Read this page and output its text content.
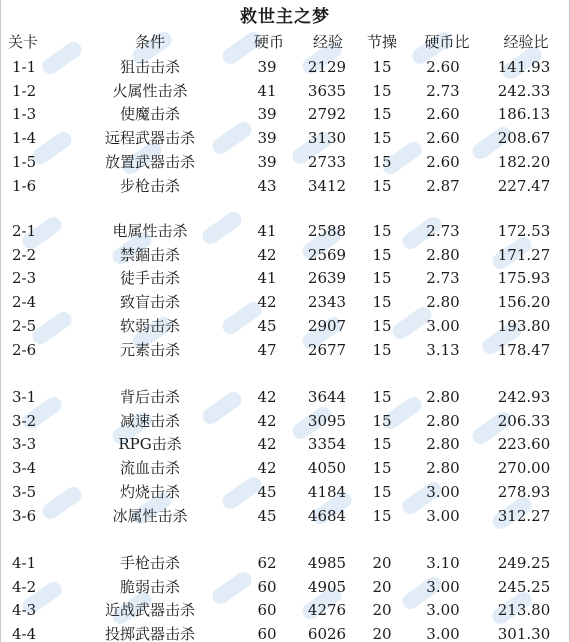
救世主之梦
关卡	条件	硬币	经验	节操	硬币比	经验比
1-1	狙击击杀	39	2129	15	2.60	141.93
1-2	火属性击杀	41	3635	15	2.73	242.33
1-3	使魔击杀	39	2792	15	2.60	186.13
1-4	远程武器击杀	39	3130	15	2.60	208.67
1-5	放置武器击杀	39	2733	15	2.60	182.20
1-6	步枪击杀	43	3412	15	2.87	227.47
2-1	电属性击杀	41	2588	15	2.73	172.53
2-2	禁錮击杀	42	2569	15	2.80	171.27
2-3	徒手击杀	41	2639	15	2.73	175.93
2-4	致盲击杀	42	2343	15	2.80	156.20
2-5	软弱击杀	45	2907	15	3.00	193.80
2-6	元素击杀	47	2677	15	3.13	178.47
3-1	背后击杀	42	3644	15	2.80	242.93
3-2	减速击杀	42	3095	15	2.80	206.33
3-3	RPG击杀	42	3354	15	2.80	223.60
3-4	流血击杀	42	4050	15	2.80	270.00
3-5	灼烧击杀	45	4184	15	3.00	278.93
3-6	冰属性击杀	45	4684	15	3.00	312.27
4-1	手枪击杀	62	4985	20	3.10	249.25
4-2	脆弱击杀	60	4905	20	3.00	245.25
4-3	近战武器击杀	60	4276	20	3.00	213.80
4-4	投掷武器击杀	60	6026	20	3.00	301.30
